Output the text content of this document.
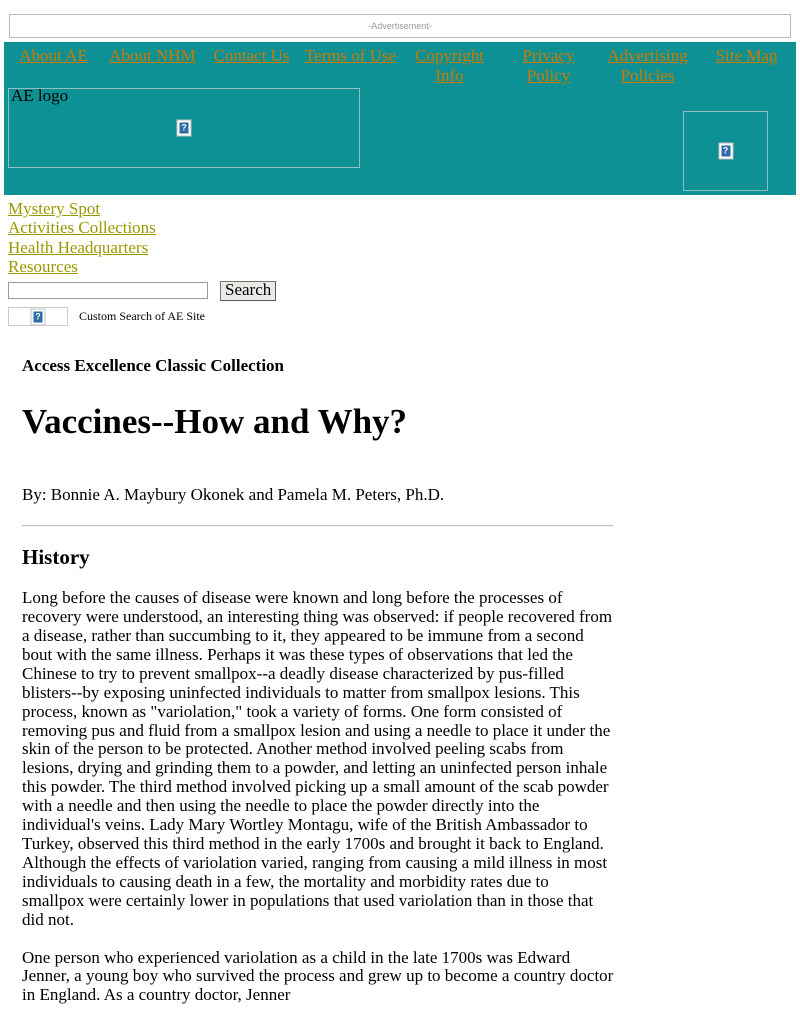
-Advertisement-
About AE	About NHM	Contact Us	Terms of Use	Copyright Info	Privacy Policy	Advertising Policies	Site Map
AE logo
?
?
Mystery Spot
Activities Collections
Health Headquarters
Resources
Search
?	Custom Search of AE Site
Access Excellence Classic Collection
Vaccines--How and Why?
By: Bonnie A. Maybury Okonek and Pamela M. Peters, Ph.D.
History

Long before the causes of disease were known and long before the processes of recovery were understood, an interesting thing was observed: if people recovered from a disease, rather than succumbing to it, they appeared to be immune from a second bout with the same illness. Perhaps it was these types of observations that led the Chinese to try to prevent smallpox--a deadly disease characterized by pus-filled blisters--by exposing uninfected individuals to matter from smallpox lesions. This process, known as "variolation," took a variety of forms. One form consisted of removing pus and fluid from a smallpox lesion and using a needle to place it under the skin of the person to be protected. Another method involved peeling scabs from lesions, drying and grinding them to a powder, and letting an uninfected person inhale this powder. The third method involved picking up a small amount of the scab powder with a needle and then using the needle to place the powder directly into the individual's veins. Lady Mary Wortley Montagu, wife of the British Ambassador to Turkey, observed this third method in the early 1700s and brought it back to England. Although the effects of variolation varied, ranging from causing a mild illness in most individuals to causing death in a few, the mortality and morbidity rates due to smallpox were certainly lower in populations that used variolation than in those that did not.

One person who experienced variolation as a child in the late 1700s was Edward Jenner, a young boy who survived the process and grew up to become a country doctor in England. As a country doctor, Jenner
